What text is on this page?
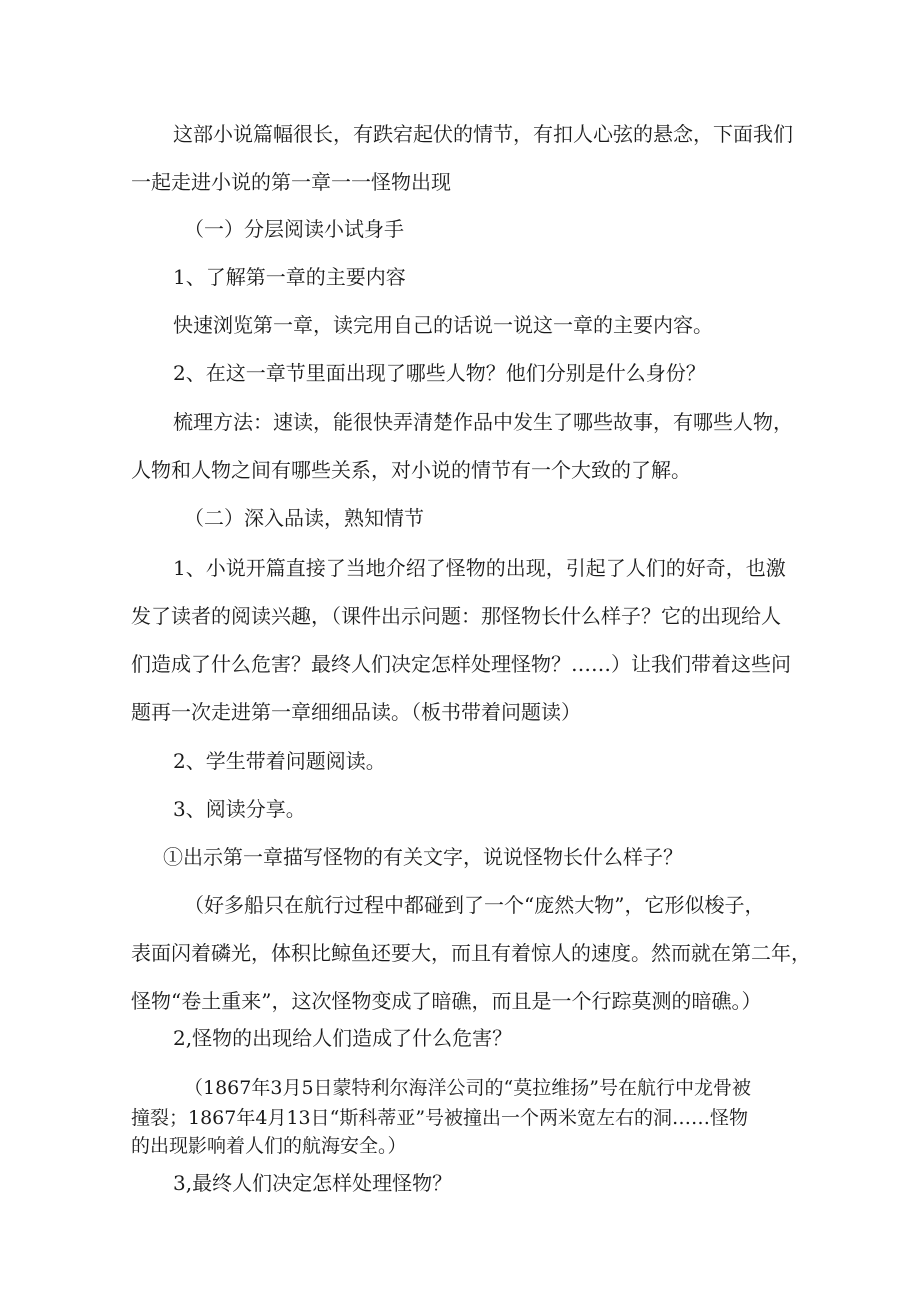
这部小说篇幅很长，有跌宕起伏的情节，有扣人心弦的悬念，下面我们
一起走进小说的第一章一一怪物出现
（一）分层阅读小试身手
1、了解第一章的主要内容
快速浏览第一章，读完用自己的话说一说这一章的主要内容。
2、在这一章节里面出现了哪些人物？他们分别是什么身份？
梳理方法：速读，能很快弄清楚作品中发生了哪些故事，有哪些人物，
人物和人物之间有哪些关系，对小说的情节有一个大致的了解。
（二）深入品读，熟知情节
1、小说开篇直接了当地介绍了怪物的出现，引起了人们的好奇，也激
发了读者的阅读兴趣，（课件出示问题：那怪物长什么样子？它的出现给人
们造成了什么危害？最终人们决定怎样处理怪物？……）让我们带着这些问
题再一次走进第一章细细品读。（板书带着问题读）
2、学生带着问题阅读。
3、阅读分享。
①出示第一章描写怪物的有关文字，说说怪物长什么样子？
（好多船只在航行过程中都碰到了一个“庞然大物”，它形似梭子，
表面闪着磷光，体积比鲸鱼还要大，而且有着惊人的速度。然而就在第二年，
怪物“卷土重来”，这次怪物变成了暗礁，而且是一个行踪莫测的暗礁。）
2,怪物的出现给人们造成了什么危害？
（1867年3月5日蒙特利尔海洋公司的“莫拉维扬”号在航行中龙骨被
撞裂；1867年4月13日“斯科蒂亚”号被撞出一个两米宽左右的洞……怪物
的出现影响着人们的航海安全。）
3,最终人们决定怎样处理怪物？
